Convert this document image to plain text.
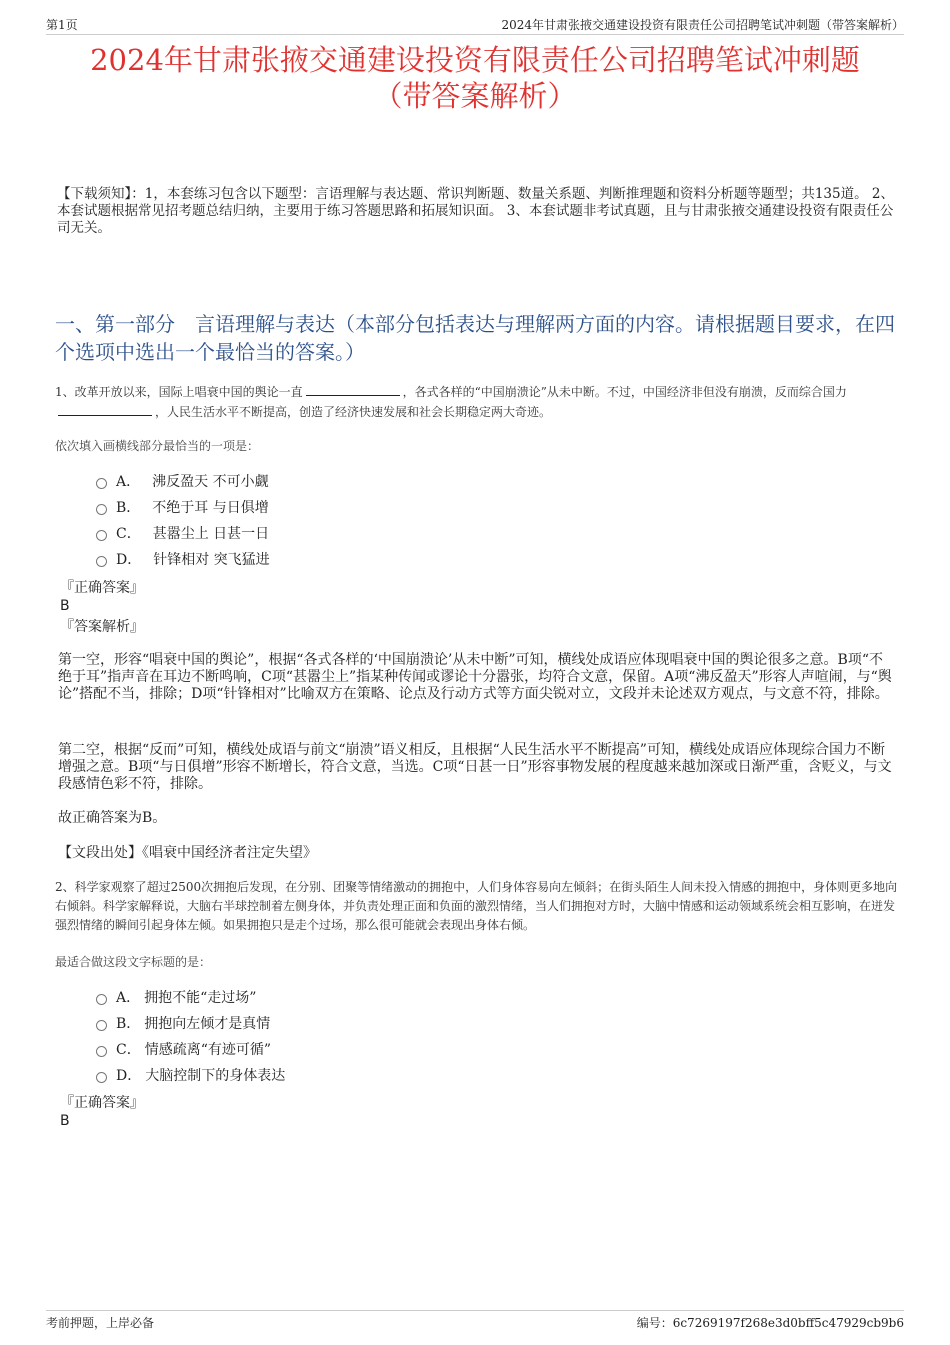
第1页	2024年甘肃张掖交通建设投资有限责任公司招聘笔试冲刺题（带答案解析）
2024年甘肃张掖交通建设投资有限责任公司招聘笔试冲刺题
（带答案解析）
【下载须知】：1，本套练习包含以下题型：言语理解与表达题、常识判断题、数量关系题、判断推理题和资料分析题等题型；共135道。 2、本套试题根据常见招考题总结归纳，主要用于练习答题思路和拓展知识面。 3、本套试题非考试真题，且与甘肃张掖交通建设投资有限责任公司无关。
一、第一部分　言语理解与表达（本部分包括表达与理解两方面的内容。请根据题目要求，在四个选项中选出一个最恰当的答案。）
1、改革开放以来，国际上唱衰中国的舆论一直	，各式各样的“中国崩溃论”从未中断。不过，中国经济非但没有崩溃，反而综合国力，人民生活水平不断提高，创造了经济快速发展和社会长期稳定两大奇迹。
依次填入画横线部分最恰当的一项是：
A． 沸反盈天 不可小觑
B． 不绝于耳 与日俱增
C． 甚嚣尘上 日甚一日
D． 针锋相对 突飞猛进
『正确答案』
B
『答案解析』
第一空，形容“唱衰中国的舆论”，根据“各式各样的‘中国崩溃论’从未中断”可知，横线处成语应体现唱衰中国的舆论很多之意。B项“不绝于耳”指声音在耳边不断鸣响，C项“甚嚣尘上”指某种传闻或谬论十分嚣张，均符合文意，保留。A项“沸反盈天”形容人声喧闹，与“舆论”搭配不当，排除；D项“针锋相对”比喻双方在策略、论点及行动方式等方面尖锐对立，文段并未论述双方观点，与文意不符，排除。
第二空，根据“反而”可知，横线处成语与前文“崩溃”语义相反，且根据“人民生活水平不断提高”可知，横线处成语应体现综合国力不断增强之意。B项“与日俱增”形容不断增长，符合文意，当选。C项“日甚一日”形容事物发展的程度越来越加深或日渐严重，含贬义，与文段感情色彩不符，排除。
故正确答案为B。
【文段出处】《唱衰中国经济者注定失望》
2、科学家观察了超过2500次拥抱后发现，在分别、团聚等情绪激动的拥抱中，人们身体容易向左倾斜；在街头陌生人间未投入情感的拥抱中，身体则更多地向右倾斜。科学家解释说，大脑右半球控制着左侧身体，并负责处理正面和负面的激烈情绪，当人们拥抱对方时，大脑中情感和运动领域系统会相互影响，在迸发强烈情绪的瞬间引起身体左倾。如果拥抱只是走个过场，那么很可能就会表现出身体右倾。
最适合做这段文字标题的是：
A． 拥抱不能“走过场”
B． 拥抱向左倾才是真情
C． 情感疏离“有迹可循”
D． 大脑控制下的身体表达
『正确答案』
B
考前押题，上岸必备	编号：6c7269197f268e3d0bff5c47929cb9b6
